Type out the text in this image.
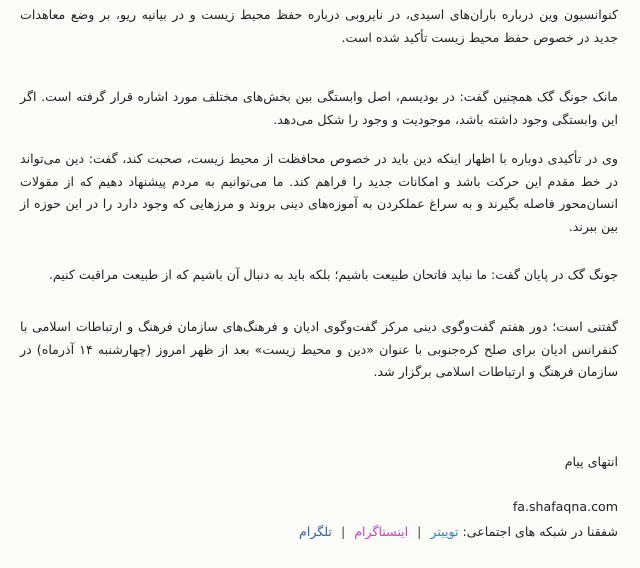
کنوانسیون وین درباره باران‌های اسیدی، در نایروبی درباره حفظ محیط زیست و در بیانیه ریو، بر وضع معاهدات جدید در خصوص حفظ محیط زیست تأکید شده است.

مانک جونگ گک همچنین گفت: در بودیسم، اصل وابستگی بین بخش‌های مختلف مورد اشاره قرار گرفته است. اگر این وابستگی وجود داشته باشد، موجودیت و وجود را شکل می‌دهد.

وی در تأکیدی دوباره با اظهار اینکه دین باید در خصوص محافظت از محیط زیست، صحبت کند، گفت: دین می‌تواند در خط مقدم این حرکت باشد و امکانات جدید را فراهم کند. ما می‌توانیم به مردم پیشنهاد دهیم که از مقولات انسان‌محور فاصله بگیرند و به سراغ عملکردن به آموزه‌های دینی بروند و مرزهایی که وجود دارد را در این حوزه از بین ببرند.

جونگ گک در پایان گفت: ما نباید فاتحان طبیعت باشیم؛ بلکه باید به دنبال آن باشیم که از طبیعت مراقبت کنیم.

گفتنی است؛ دور هفتم گفت‌وگوی دینی مرکز گفت‌وگوی ادیان و فرهنگ‌های سازمان فرهنگ و ارتباطات اسلامی با کنفرانس ادیان برای صلح کره‌جنوبی با عنوان «دین و محیط زیست» بعد از ظهر امروز (چهارشنبه ۱۴ آذرماه) در سازمان فرهنگ و ارتباطات اسلامی برگزار شد.

انتهای پیام
fa.shafaqna.com
شفقنا در شبکه های اجتماعی: توییتر | اینستاگرام | تلگرام
